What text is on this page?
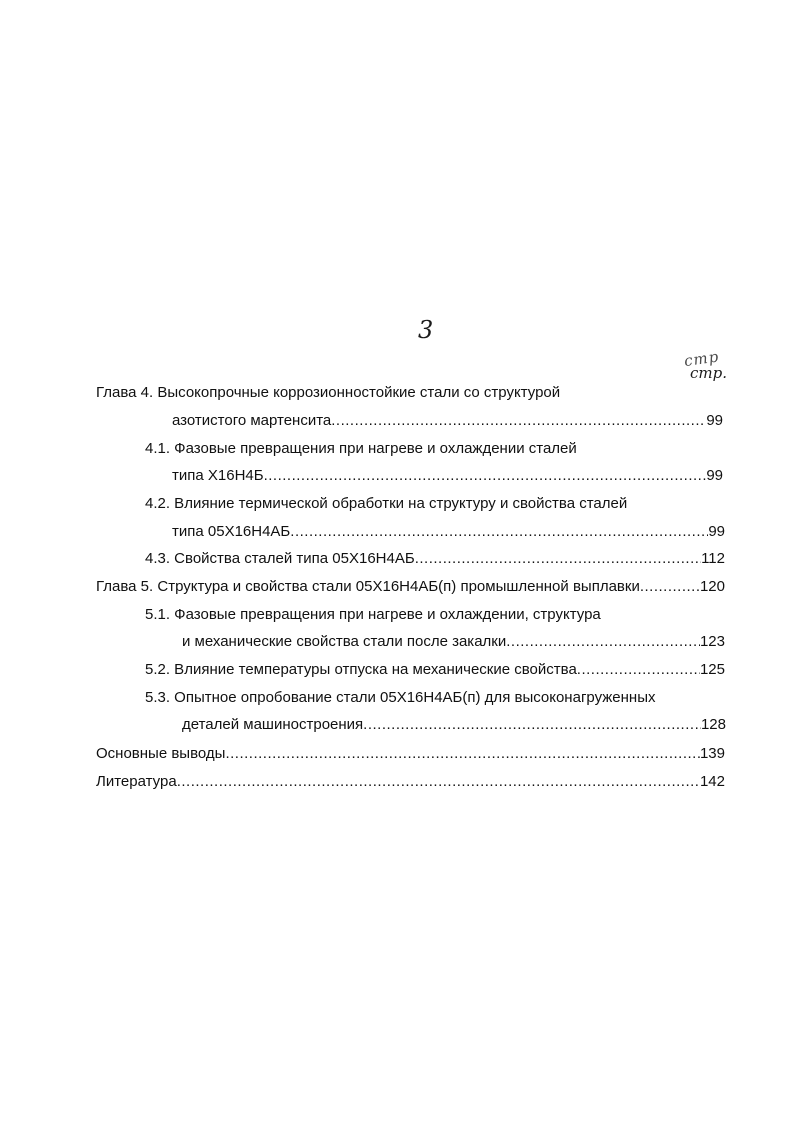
3
стр
стр.
Глава 4. Высокопрочные коррозионностойкие стали со структурой
азотистого мартенсита .....	99
4.1. Фазовые превращения при нагреве и охлаждении сталей
типа Х16Н4Б .....	99
4.2. Влияние термической обработки на структуру и свойства сталей
типа 05Х16Н4АБ .....	99
4.3. Свойства сталей типа 05Х16Н4АБ .....	112
Глава 5. Структура и свойства стали 05Х16Н4АБ(п) промышленной выплавки .....	120
5.1. Фазовые превращения при нагреве и охлаждении, структура
и механические свойства стали после закалки .....	123
5.2. Влияние температуры отпуска на механические свойства .....	125
5.3. Опытное опробование стали 05Х16Н4АБ(п) для высоконагруженных
деталей машиностроения .....	128
Основные выводы .....	139
Литература .....	142
